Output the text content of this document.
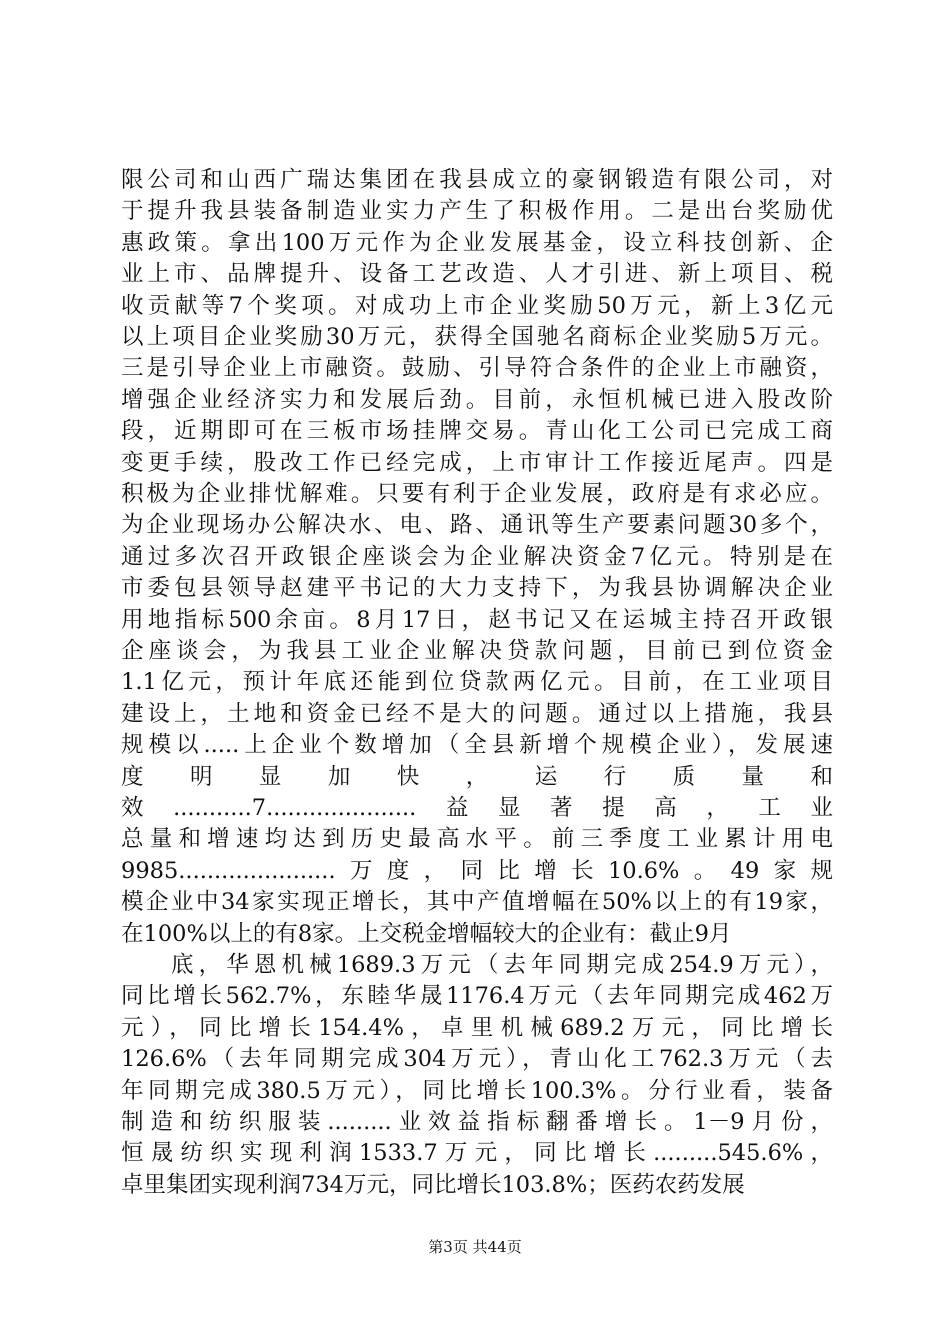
限公司和山西广瑞达集团在我县成立的豪钢锻造有限公司，对
于提升我县装备制造业实力产生了积极作用。二是出台奖励优
惠政策。拿出100万元作为企业发展基金，设立科技创新、企
业上市、品牌提升、设备工艺改造、人才引进、新上项目、税
收贡献等7个奖项。对成功上市企业奖励50万元，新上3亿元
以上项目企业奖励30万元，获得全国驰名商标企业奖励5万元。
三是引导企业上市融资。鼓励、引导符合条件的企业上市融资，
增强企业经济实力和发展后劲。目前，永恒机械已进入股改阶
段，近期即可在三板市场挂牌交易。青山化工公司已完成工商
变更手续，股改工作已经完成，上市审计工作接近尾声。四是
积极为企业排忧解难。只要有利于企业发展，政府是有求必应。
为企业现场办公解决水、电、路、通讯等生产要素问题30多个，
通过多次召开政银企座谈会为企业解决资金7亿元。特别是在
市委包县领导赵建平书记的大力支持下，为我县协调解决企业
用地指标500余亩。8月17日，赵书记又在运城主持召开政银
企座谈会，为我县工业企业解决贷款问题，目前已到位资金
1.1亿元，预计年底还能到位贷款两亿元。目前，在工业项目
建设上，土地和资金已经不是大的问题。通过以上措施，我县
规模以.....上企业个数增加（全县新增个规模企业），发展速
度 明 显 加 快 ， 运 行 质 量 和
效...........7.....................益显著提高，工业
总量和增速均达到历史最高水平。前三季度工业累计用电
9985......................万度，同比增长10.6%。49家规
模企业中34家实现正增长，其中产值增幅在50%以上的有19家，
在100%以上的有8家。上交税金增幅较大的企业有：截止9月
底，华恩机械1689.3万元（去年同期完成254.9万元），
同比增长562.7%，东睦华晟1176.4万元（去年同期完成462万
元），同比增长154.4%，卓里机械689.2万元，同比增长
126.6%（去年同期完成304万元），青山化工762.3万元（去
年同期完成380.5万元），同比增长100.3%。分行业看，装备
制造和纺织服装.........业效益指标翻番增长。1－9月份，
恒晟纺织实现利润1533.7万元，同比增长.........545.6%，
卓里集团实现利润734万元，同比增长103.8%；医药农药发展
第3页 共44页
